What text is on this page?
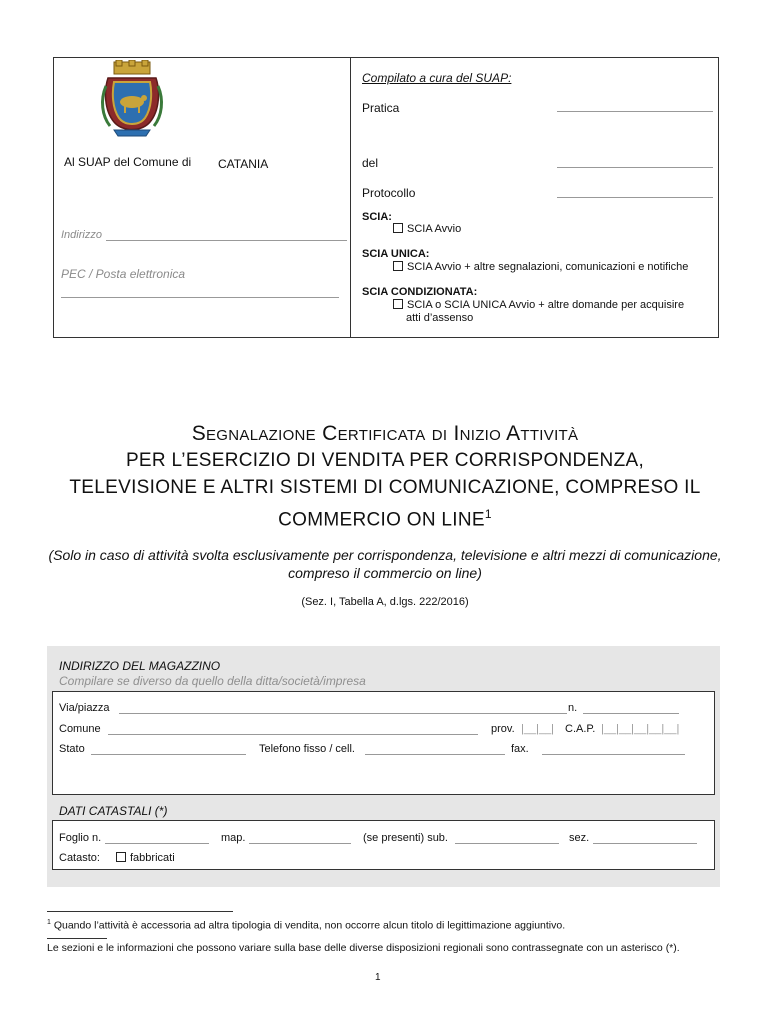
Al SUAP del Comune di CATANIA
Indirizzo
PEC / Posta elettronica
Compilato a cura del SUAP:
Pratica
del
Protocollo
SCIA:
SCIA Avvio
SCIA UNICA:
SCIA Avvio + altre segnalazioni, comunicazioni e notifiche
SCIA CONDIZIONATA:
SCIA o SCIA UNICA Avvio + altre domande per acquisire
atti d’assenso
Segnalazione Certificata di Inizio Attività
PER L’ESERCIZIO DI VENDITA PER CORRISPONDENZA,
TELEVISIONE E ALTRI SISTEMI DI COMUNICAZIONE, COMPRESO IL
COMMERCIO ON LINE$^1$
(Solo in caso di attività svolta esclusivamente per corrispondenza, televisione e altri mezzi di comunicazione, compreso il commercio on line)
(Sez. I, Tabella A, d.lgs. 222/2016)
INDIRIZZO DEL MAGAZZINO
Compilare se diverso da quello della ditta/società/impresa
Via/piazza	n.
Comune	prov. |__|__| C.A.P. |__|__|__|__|__|
Stato	Telefono fisso / cell.	fax.
DATI CATASTALI (*)
Foglio n.	map.	(se presenti) sub.	sez.
Catasto:	fabbricati
$^1$ Quando l’attività è accessoria ad altra tipologia di vendita, non occorre alcun titolo di legittimazione aggiuntivo.
Le sezioni e le informazioni che possono variare sulla base delle diverse disposizioni regionali sono contrassegnate con un asterisco (*).
1
